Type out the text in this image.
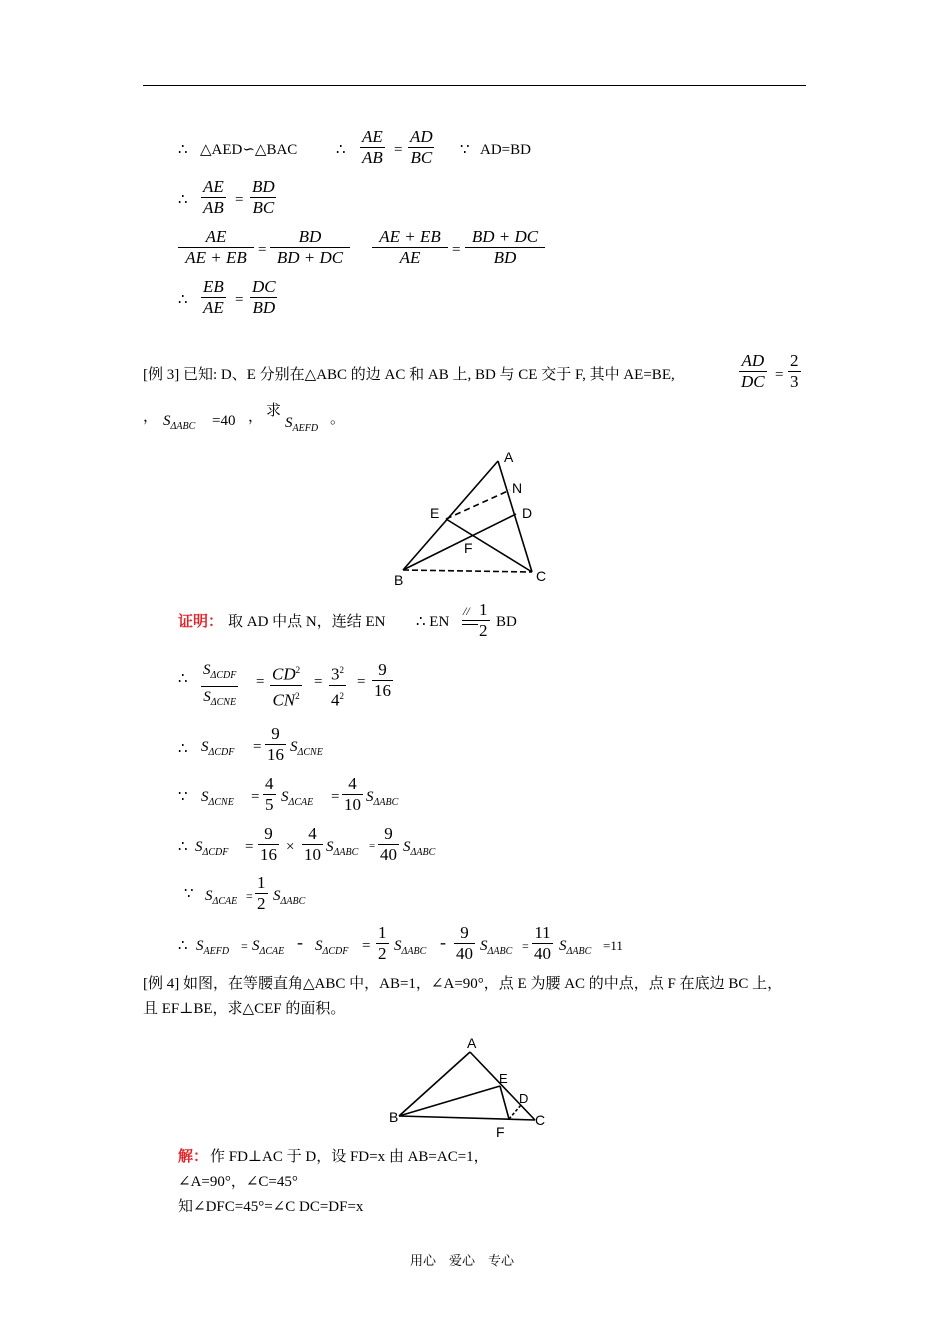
∴ △AED∽△BAC	∴ $\frac{AE}{AB} = \frac{AD}{BC}$ ∵ AD=BD
∴ $\frac{AE}{AB} = \frac{BD}{BC}$
$\frac{AE}{AE + EB} = \frac{BD}{BD + DC} \frac{AE + EB}{AE} = \frac{BD + DC}{BD}$
∴ $\frac{EB}{AE} = \frac{DC}{BD}$
[例 3] 已知: D、E 分别在△ABC 的边 AC 和 AB 上, BD 与 CE 交于 F, 其中 AE=BE,	$\frac{AD}{DC} = \frac{2}{3}$
， $S_{\Delta ABC} =40$ ， 求
$S_{AEFD}$
。
A
N
E	D
F
B	C
证明： 取 AD 中点 N，连结 EN ∴ EN
// $\frac{1}{2}$ BD
∴
$S_{\Delta CDF}$
$S_{\Delta CNE}$
= $CD^2$
$CN^2$
= $3^2$
$4^2$
=
9
16
∴ $S_{\Delta CDF}$ =
9
16 $S_{\Delta CNE}$
∵ $S_{\Delta CNE}$ =
4
5 $S_{\Delta CAE}$ =
4
10 $S_{\Delta ABC}$
∴ $S_{\Delta CDF}$ =
9
16 ×
4
10 $S_{\Delta ABC}$
=
9
40 $S_{\Delta ABC}$
∵ $S_{\Delta CAE}$ =
1
2 $S_{\Delta ABC}$
∴ $S_{AEFD} = S_{\Delta CAE} - S_{\Delta CDF}$ =
1
2 $S_{\Delta ABC} - 9$
40 $S_{\Delta ABC}$ =
11
40 $S_{\Delta ABC} =11$
[例 4] 如图，在等腰直角△ABC 中，AB=1，∠A=90°，点 E 为腰 AC 的中点，点 F 在底边 BC 上，
且 EF⊥BE，求△CEF 的面积。
A
E
D
B
F
C
解： 作 FD⊥AC 于 D，设 FD=x 由 AB=AC=1，
∠A=90°，∠C=45°
知∠DFC=45°=∠C DC=DF=x
用心    爱心    专心
